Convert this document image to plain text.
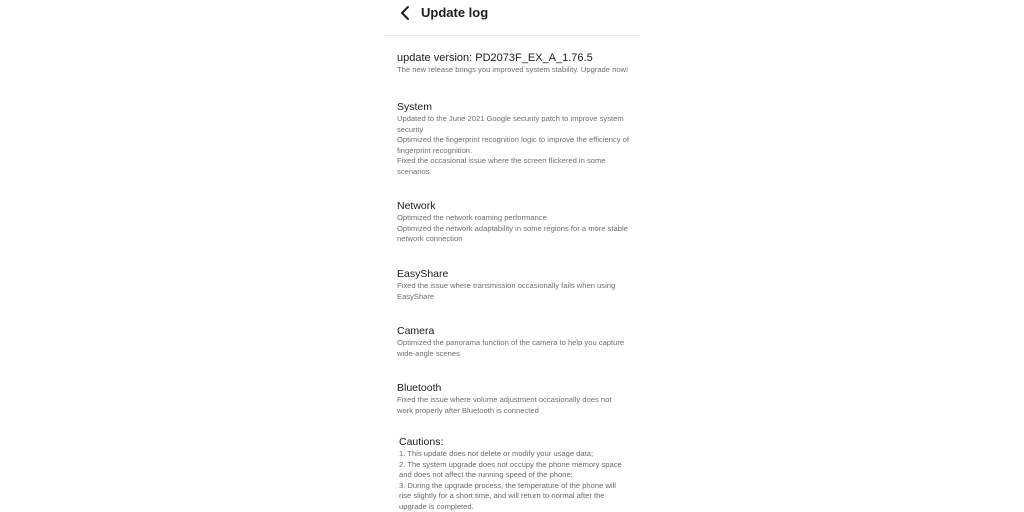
Update log
update version: PD2073F_EX_A_1.76.5
The new release brings you improved system stability. Upgrade now!
System
Updated to the June 2021 Google security patch to improve system security
Optimized the fingerprint recognition logic to improve the efficiency of fingerprint recognition.
Fixed the occasional issue where the screen flickered in some scenarios.
Network
Optimized the network roaming performance
Optimized the network adaptability in some regions for a more stable network connection
EasyShare
Fixed the issue where transmission occasionally fails when using EasyShare
Camera
Optimized the panorama function of the camera to help you capture wide-angle scenes
Bluetooth
Fixed the issue where volume adjustment occasionally does not work properly after Bluetooth is connected
Cautions:
1. This update does not delete or modify your usage data;
2. The system upgrade does not occupy the phone memory space and does not affect the running speed of the phone;
3. During the upgrade process, the temperature of the phone will rise slightly for a short time, and will return to normal after the upgrade is completed.
